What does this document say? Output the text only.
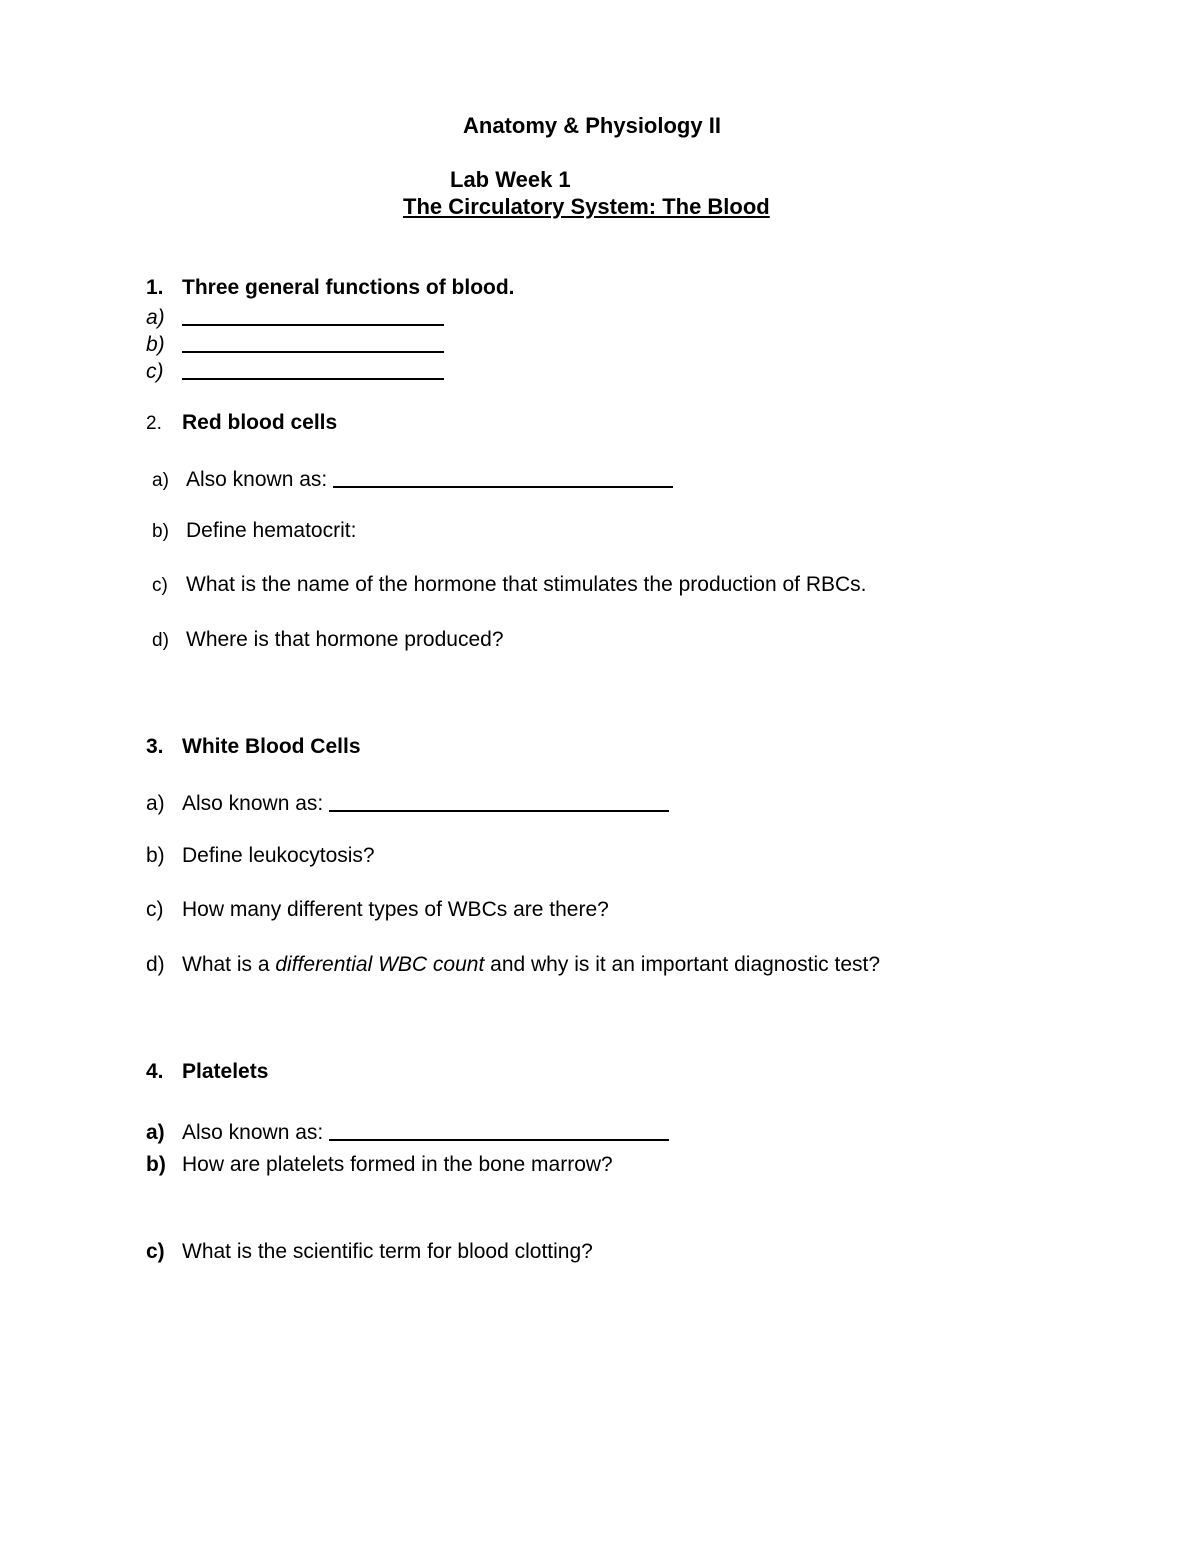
Anatomy & Physiology II
Lab Week 1
The Circulatory System: The Blood
1. Three general functions of blood.
a)
b)
c)
2. Red blood cells
a) Also known as:
b) Define hematocrit:
c) What is the name of the hormone that stimulates the production of RBCs.
d) Where is that hormone produced?
3. White Blood Cells
a) Also known as:
b) Define leukocytosis?
c) How many different types of WBCs are there?
d) What is a differential WBC count and why is it an important diagnostic test?
4. Platelets
a) Also known as:
b) How are platelets formed in the bone marrow?
c) What is the scientific term for blood clotting?
